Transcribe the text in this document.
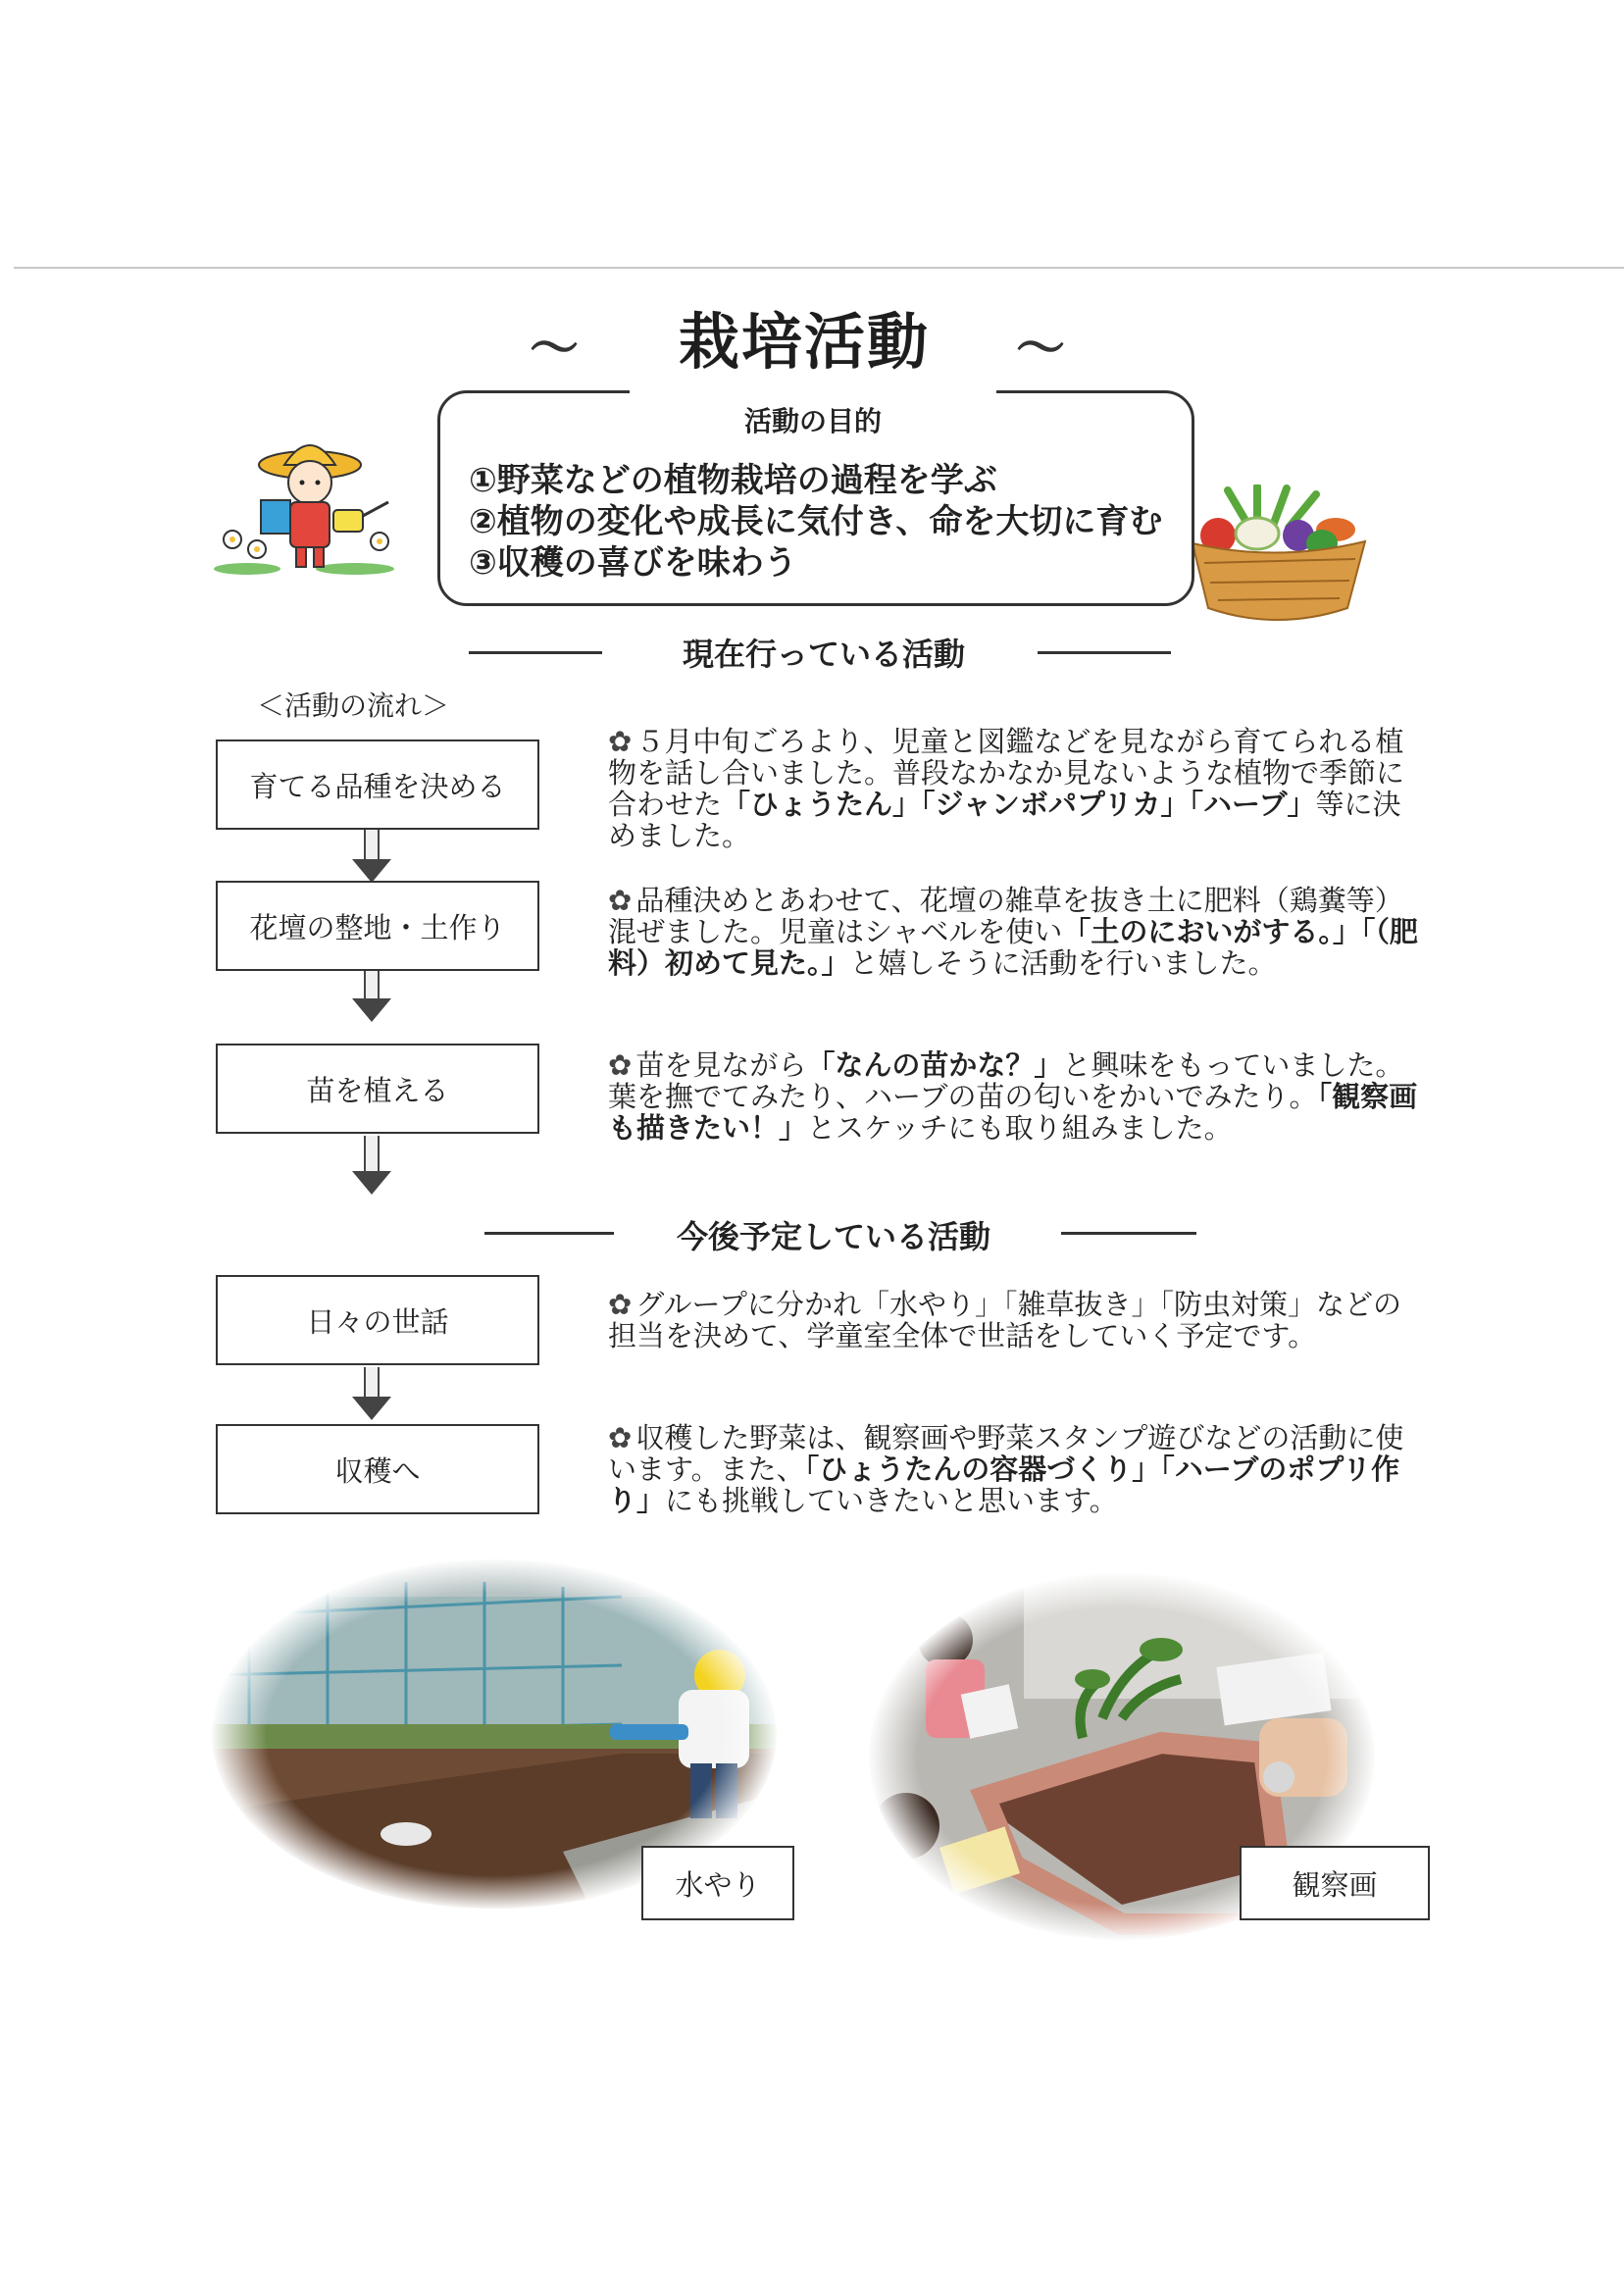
〜	栽培活動	〜
活動の目的
①野菜などの植物栽培の過程を学ぶ
②植物の変化や成長に気付き、命を大切に育む
③収穫の喜びを味わう
現在行っている活動
＜活動の流れ＞
育てる品種を決める
花壇の整地・土作り
苗を植える
✿ ５月中旬ごろより、児童と図鑑などを見ながら育てられる植物を話し合いました。普段なかなか見ないような植物で季節に合わせた「ひょうたん」「ジャンボパプリカ」「ハーブ」等に決めました。
✿ 品種決めとあわせて、花壇の雑草を抜き土に肥料（鶏糞等）混ぜました。児童はシャベルを使い「土のにおいがする。」「（肥料）初めて見た。」と嬉しそうに活動を行いました。
✿ 苗を見ながら「なんの苗かな？」と興味をもっていました。葉を撫でてみたり、ハーブの苗の匂いをかいでみたり。「観察画も描きたい！」とスケッチにも取り組みました。
今後予定している活動
日々の世話
収穫へ
✿ グループに分かれ「水やり」「雑草抜き」「防虫対策」などの担当を決めて、学童室全体で世話をしていく予定です。
✿ 収穫した野菜は、観察画や野菜スタンプ遊びなどの活動に使います。また、「ひょうたんの容器づくり」「ハーブのポプリ作り」にも挑戦していきたいと思います。
水やり	観察画
